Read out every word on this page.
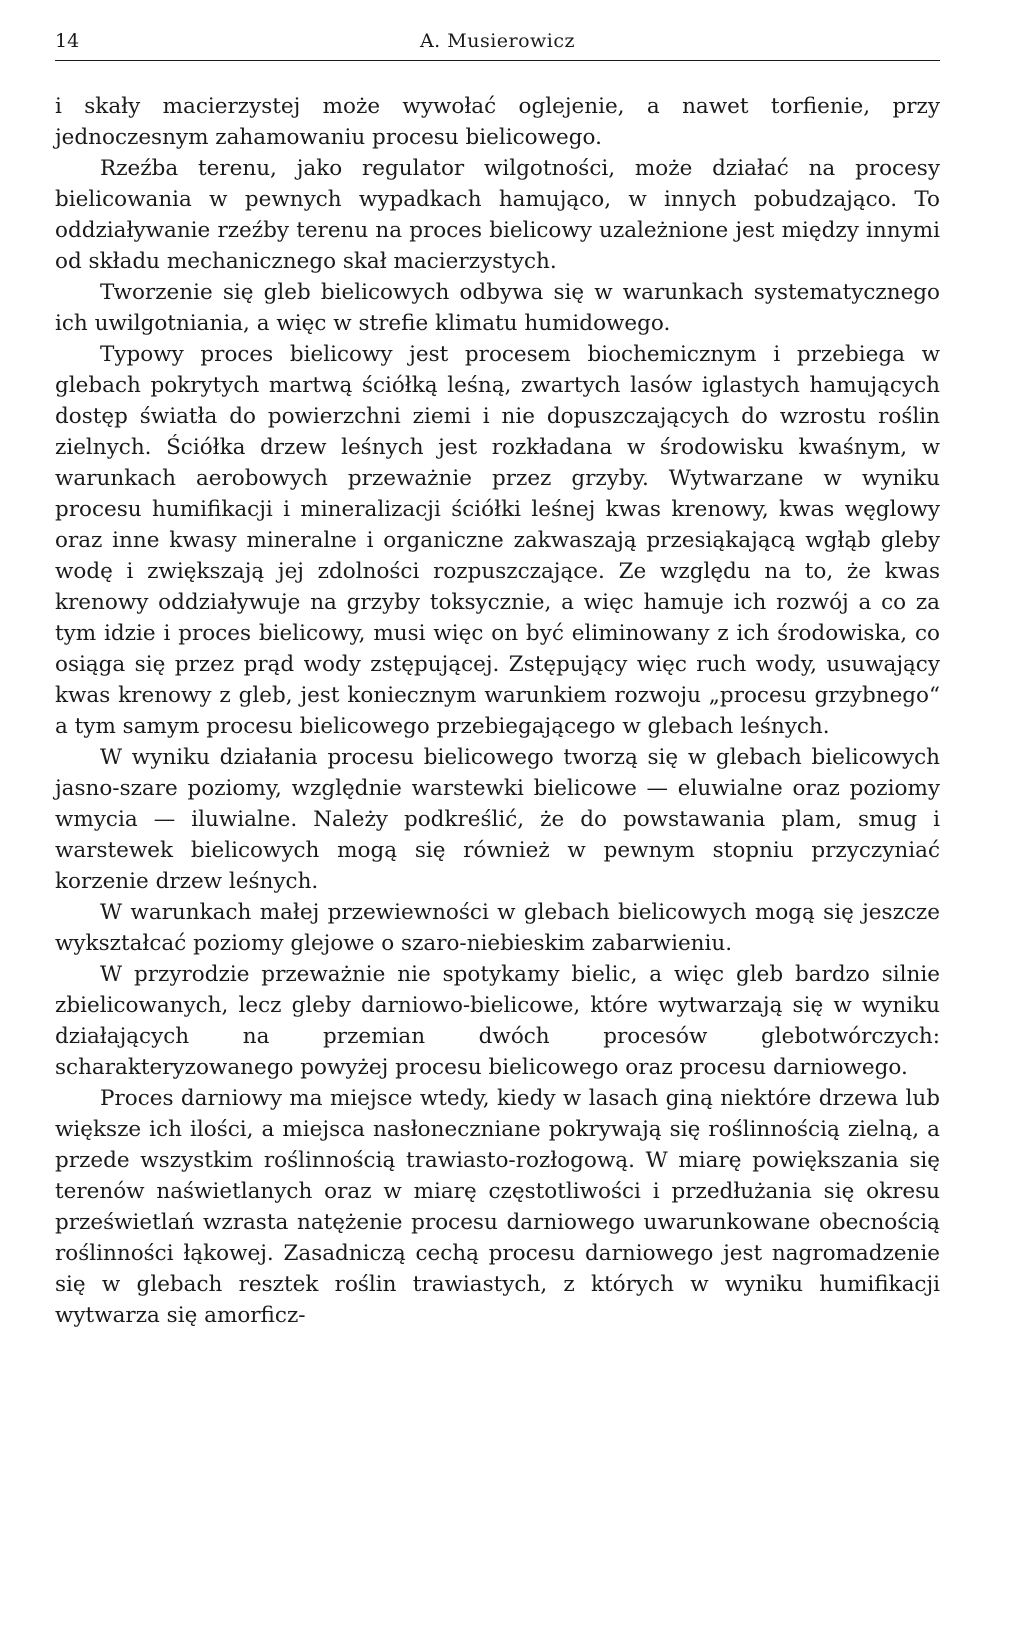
14	A. Musierowicz

i skały macierzystej może wywołać oglejenie, a nawet torfienie, przy jednoczesnym zahamowaniu procesu bielicowego.

Rzeźba terenu, jako regulator wilgotności, może działać na procesy bielicowania w pewnych wypadkach hamująco, w innych pobudzająco. To oddziaływanie rzeźby terenu na proces bielicowy uzależnione jest między innymi od składu mechanicznego skał macierzystych.

Tworzenie się gleb bielicowych odbywa się w warunkach systematycznego ich uwilgotniania, a więc w strefie klimatu humidowego.

Typowy proces bielicowy jest procesem biochemicznym i przebiega w glebach pokrytych martwą ściółką leśną, zwartych lasów iglastych hamujących dostęp światła do powierzchni ziemi i nie dopuszczających do wzrostu roślin zielnych. Ściółka drzew leśnych jest rozkładana w środowisku kwaśnym, w warunkach aerobowych przeważnie przez grzyby. Wytwarzane w wyniku procesu humifikacji i mineralizacji ściółki leśnej kwas krenowy, kwas węglowy oraz inne kwasy mineralne i organiczne zakwaszają przesiąkającą wgłąb gleby wodę i zwiększają jej zdolności rozpuszczające. Ze względu na to, że kwas krenowy oddziaływuje na grzyby toksycznie, a więc hamuje ich rozwój a co za tym idzie i proces bielicowy, musi więc on być eliminowany z ich środowiska, co osiąga się przez prąd wody zstępującej. Zstępujący więc ruch wody, usuwający kwas krenowy z gleb, jest koniecznym warunkiem rozwoju „procesu grzybnego“ a tym samym procesu bielicowego przebiegającego w glebach leśnych.

W wyniku działania procesu bielicowego tworzą się w glebach bielicowych jasno-szare poziomy, względnie warstewki bielicowe — eluwialne oraz poziomy wmycia — iluwialne. Należy podkreślić, że do powstawania plam, smug i warstewek bielicowych mogą się również w pewnym stopniu przyczyniać korzenie drzew leśnych.

W warunkach małej przewiewności w glebach bielicowych mogą się jeszcze wykształcać poziomy glejowe o szaro-niebieskim zabarwieniu.

W przyrodzie przeważnie nie spotykamy bielic, a więc gleb bardzo silnie zbielicowanych, lecz gleby darniowo-bielicowe, które wytwarzają się w wyniku działających na przemian dwóch procesów glebotwórczych: scharakteryzowanego powyżej procesu bielicowego oraz procesu darniowego.

Proces darniowy ma miejsce wtedy, kiedy w lasach giną niektóre drzewa lub większe ich ilości, a miejsca nasłoneczniane pokrywają się roślinnością zielną, a przede wszystkim roślinnością trawiasto-rozłogową. W miarę powiększania się terenów naświetlanych oraz w miarę częstotliwości i przedłużania się okresu prześwietlań wzrasta natężenie procesu darniowego uwarunkowane obecnością roślinności łąkowej. Zasadniczą cechą procesu darniowego jest nagromadzenie się w glebach resztek roślin trawiastych, z których w wyniku humifikacji wytwarza się amorficz-
